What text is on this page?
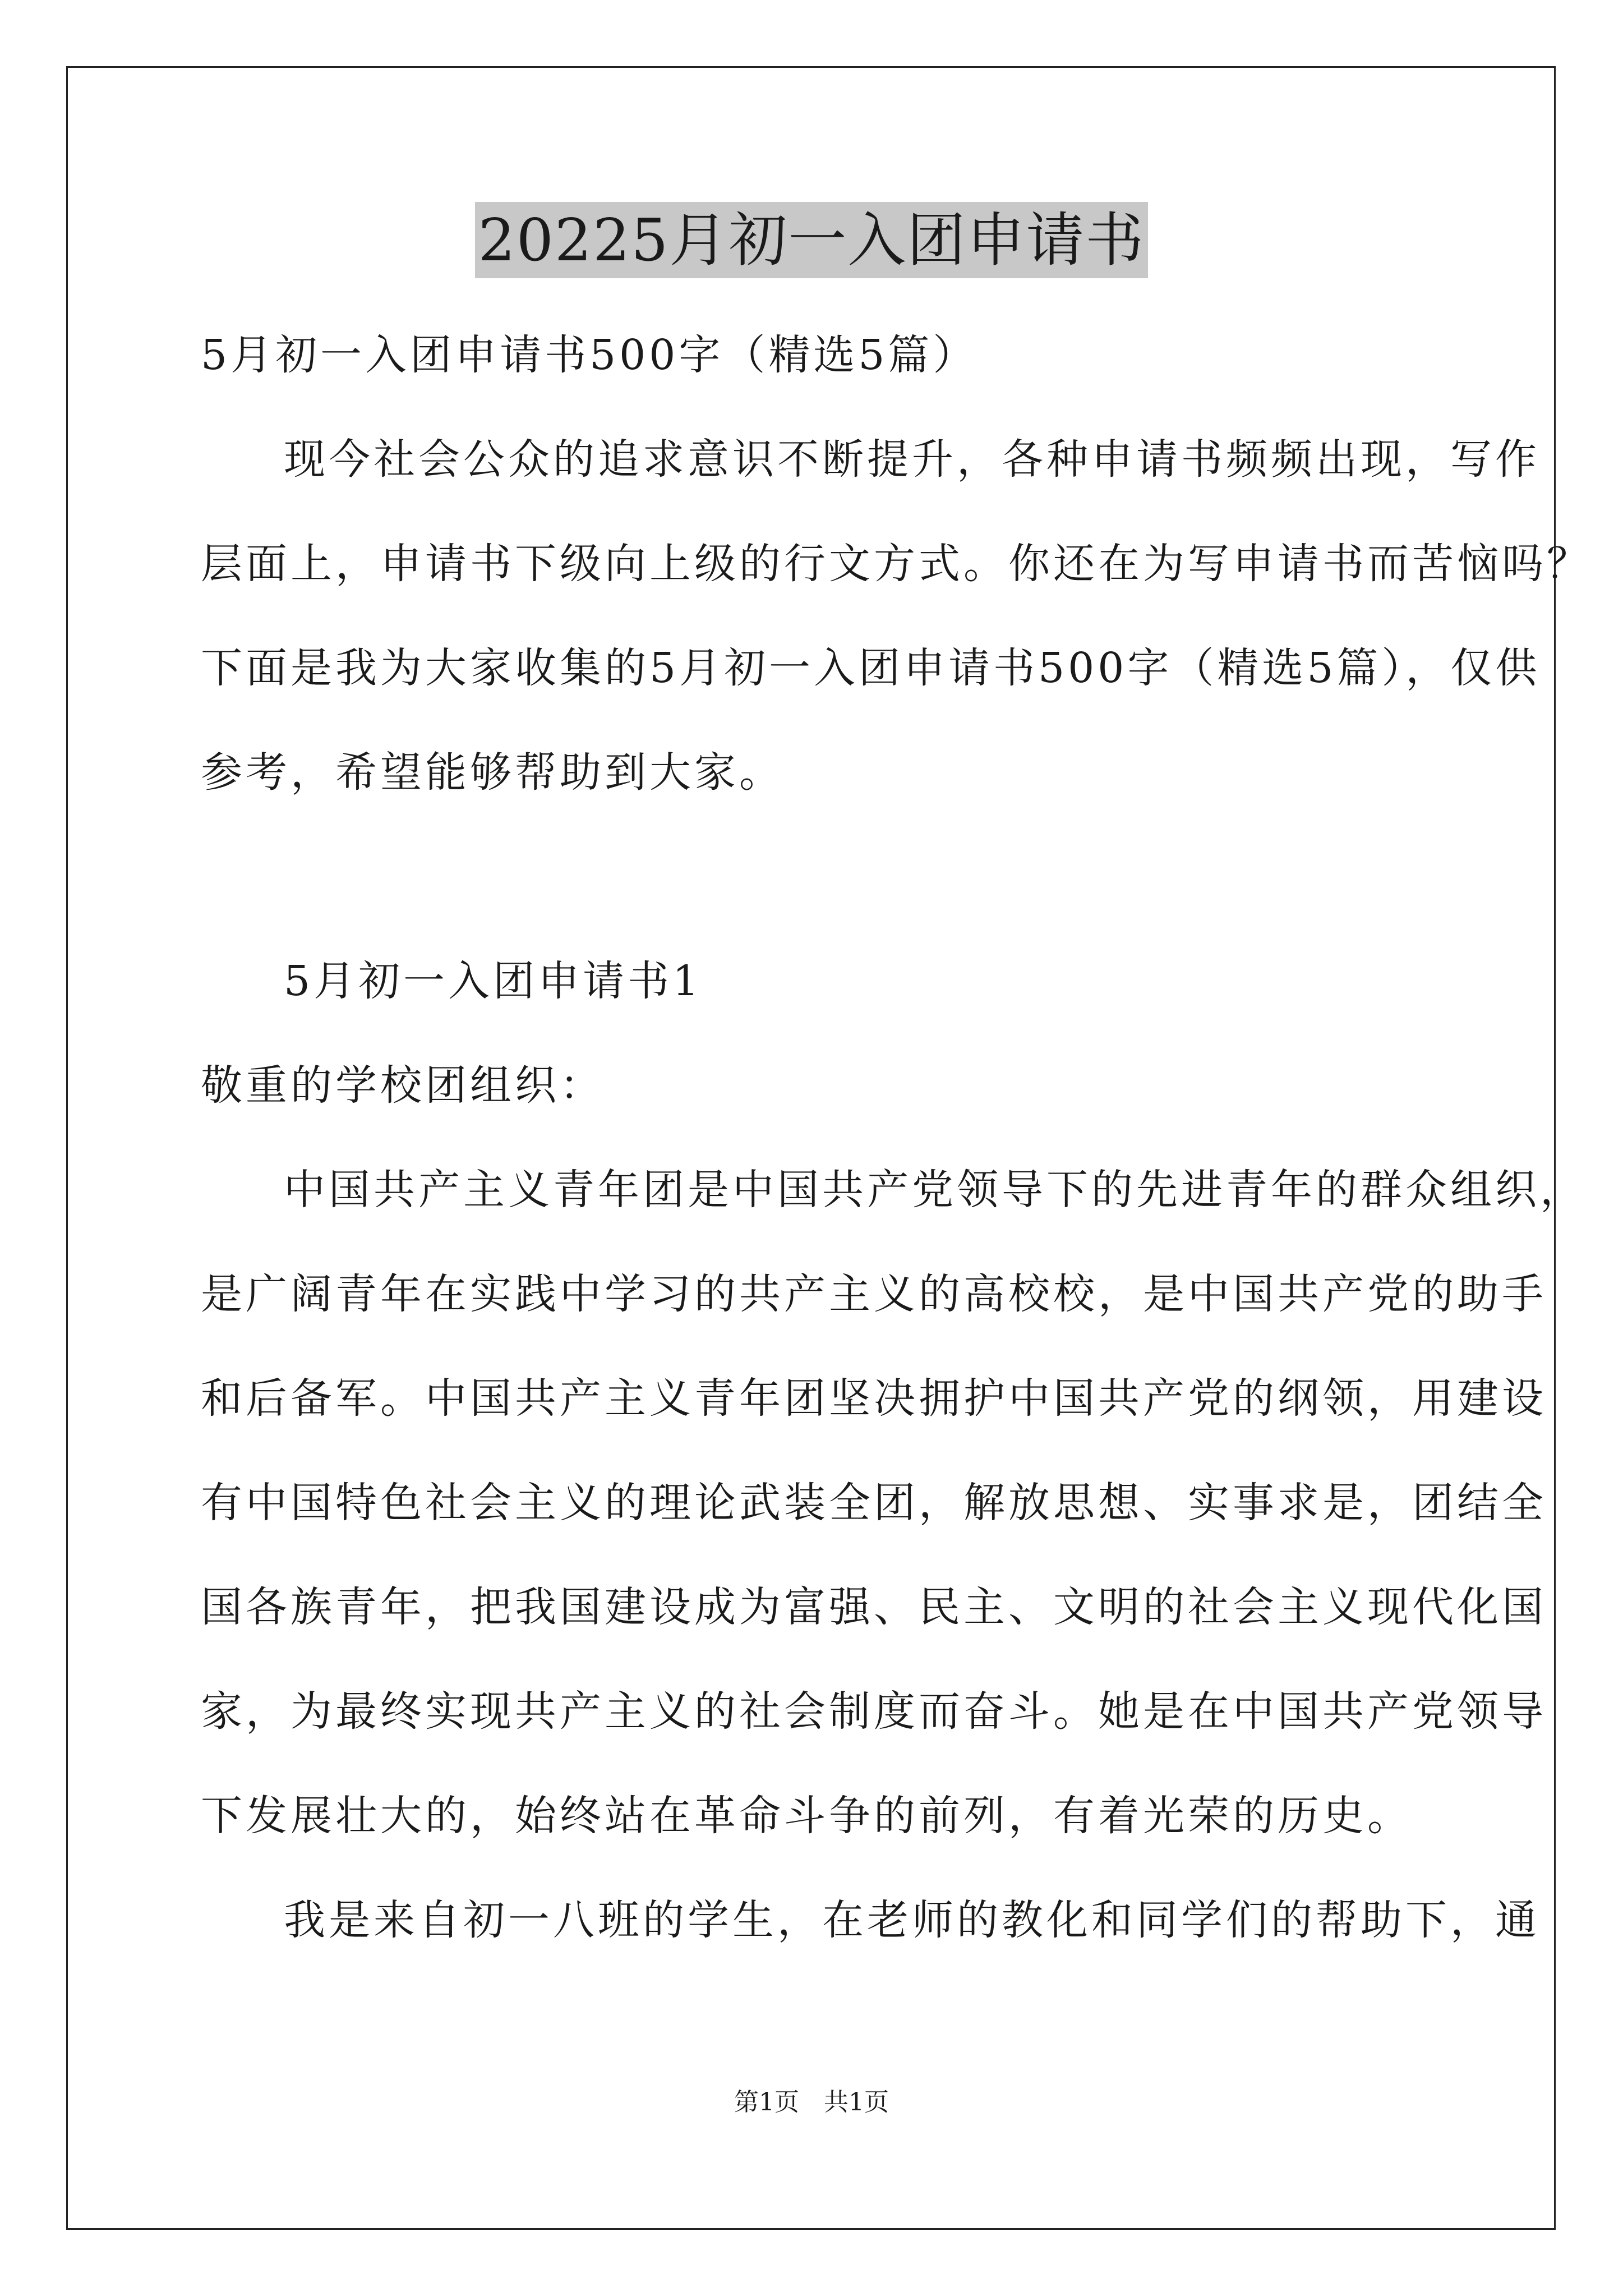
20225月初一入团申请书
5月初一入团申请书500字（精选5篇）
现今社会公众的追求意识不断提升，各种申请书频频出现，写作
层面上，申请书下级向上级的行文方式。你还在为写申请书而苦恼吗？
下面是我为大家收集的5月初一入团申请书500字（精选5篇），仅供
参考，希望能够帮助到大家。
5月初一入团申请书1
敬重的学校团组织：
中国共产主义青年团是中国共产党领导下的先进青年的群众组织，
是广阔青年在实践中学习的共产主义的高校校，是中国共产党的助手
和后备军。中国共产主义青年团坚决拥护中国共产党的纲领，用建设
有中国特色社会主义的理论武装全团，解放思想、实事求是，团结全
国各族青年，把我国建设成为富强、民主、文明的社会主义现代化国
家，为最终实现共产主义的社会制度而奋斗。她是在中国共产党领导
下发展壮大的，始终站在革命斗争的前列，有着光荣的历史。
我是来自初一八班的学生，在老师的教化和同学们的帮助下，通
第1页　共1页
